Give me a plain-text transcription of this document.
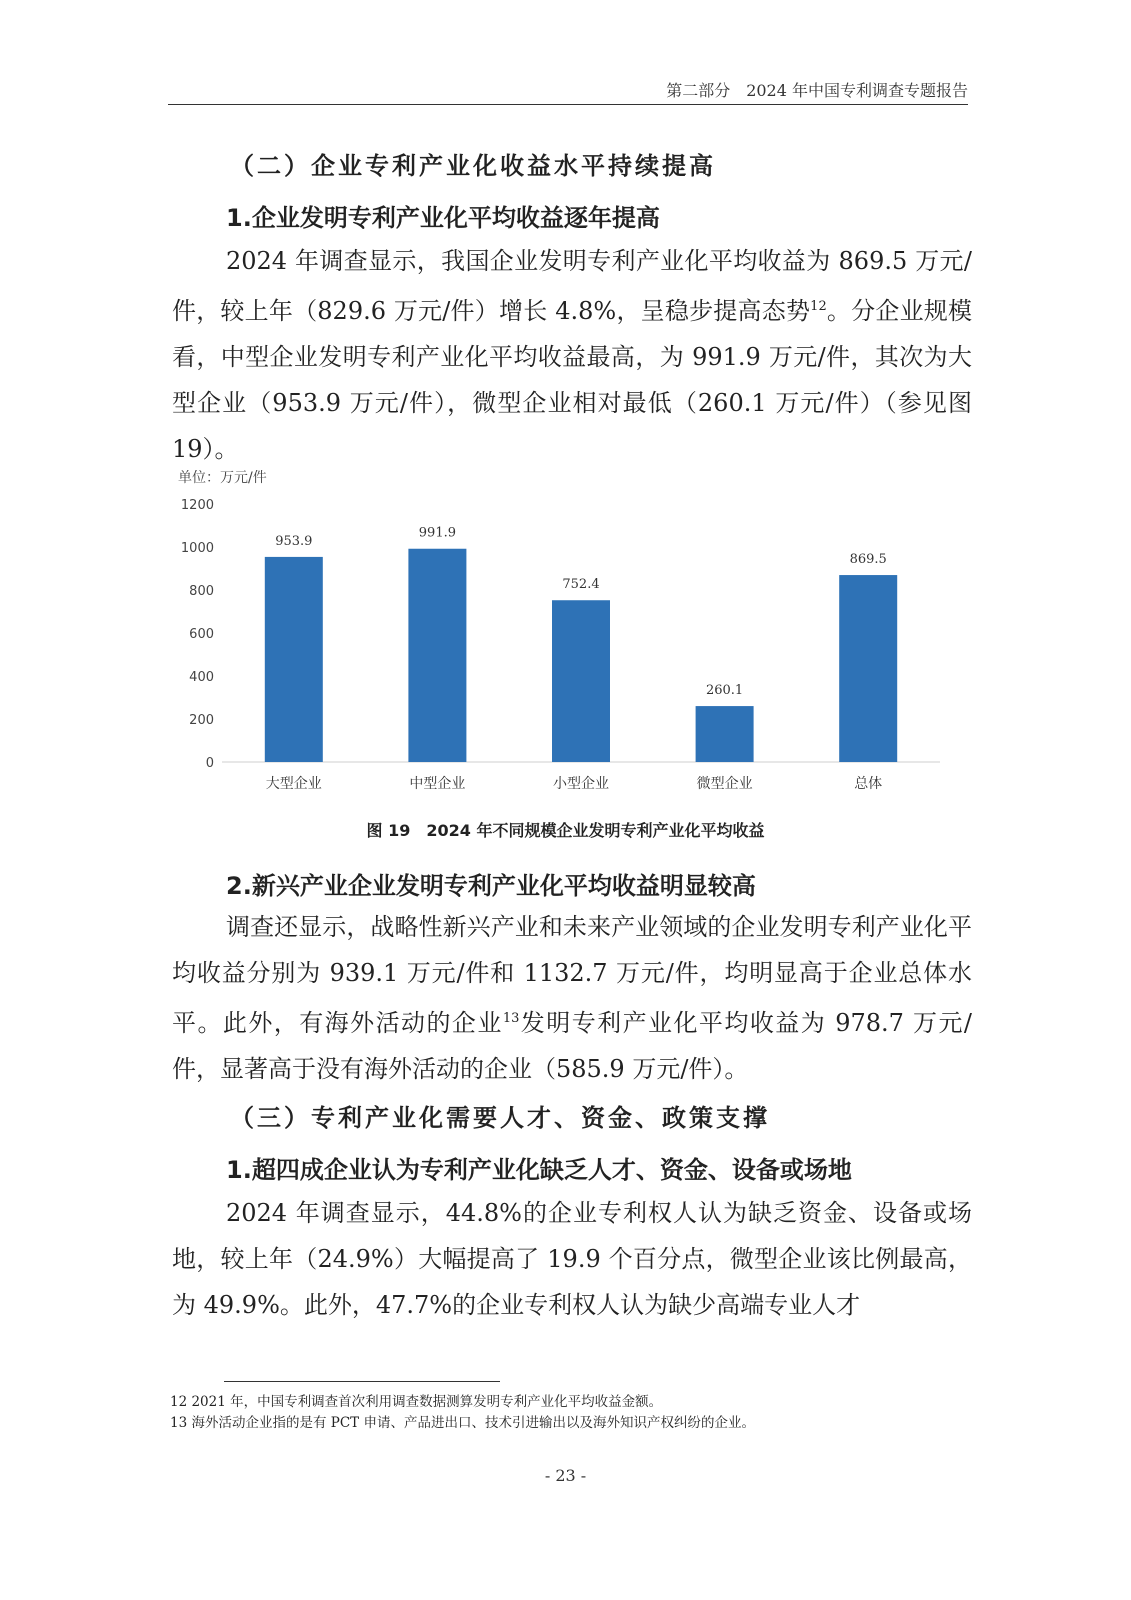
第二部分　2024 年中国专利调查专题报告
（二）企业专利产业化收益水平持续提高
1.企业发明专利产业化平均收益逐年提高

2024 年调查显示，我国企业发明专利产业化平均收益为 869.5 万元/件，较上年（829.6 万元/件）增长 4.8%，呈稳步提高态势$^{12}$。分企业规模看，中型企业发明专利产业化平均收益最高，为 991.9 万元/件，其次为大型企业（953.9 万元/件），微型企业相对最低（260.1 万元/件）（参见图 19）。

单位：万元/件
0
200
400
600
800
1000
1200
953.9
大型企业
991.9
中型企业
752.4
小型企业
260.1
微型企业
869.5
总体
图 19　2024 年不同规模企业发明专利产业化平均收益
2.新兴产业企业发明专利产业化平均收益明显较高

调查还显示，战略性新兴产业和未来产业领域的企业发明专利产业化平均收益分别为 939.1 万元/件和 1132.7 万元/件，均明显高于企业总体水平。此外，有海外活动的企业$^{13}$发明专利产业化平均收益为 978.7 万元/件，显著高于没有海外活动的企业（585.9 万元/件）。

（三）专利产业化需要人才、资金、政策支撑
1.超四成企业认为专利产业化缺乏人才、资金、设备或场地

2024 年调查显示，44.8%的企业专利权人认为缺乏资金、设备或场地，较上年（24.9%）大幅提高了 19.9 个百分点，微型企业该比例最高，为 49.9%。此外，47.7%的企业专利权人认为缺少高端专业人才

12 2021 年，中国专利调查首次利用调查数据测算发明专利产业化平均收益金额。
13 海外活动企业指的是有 PCT 申请、产品进出口、技术引进输出以及海外知识产权纠纷的企业。
- 23 -
